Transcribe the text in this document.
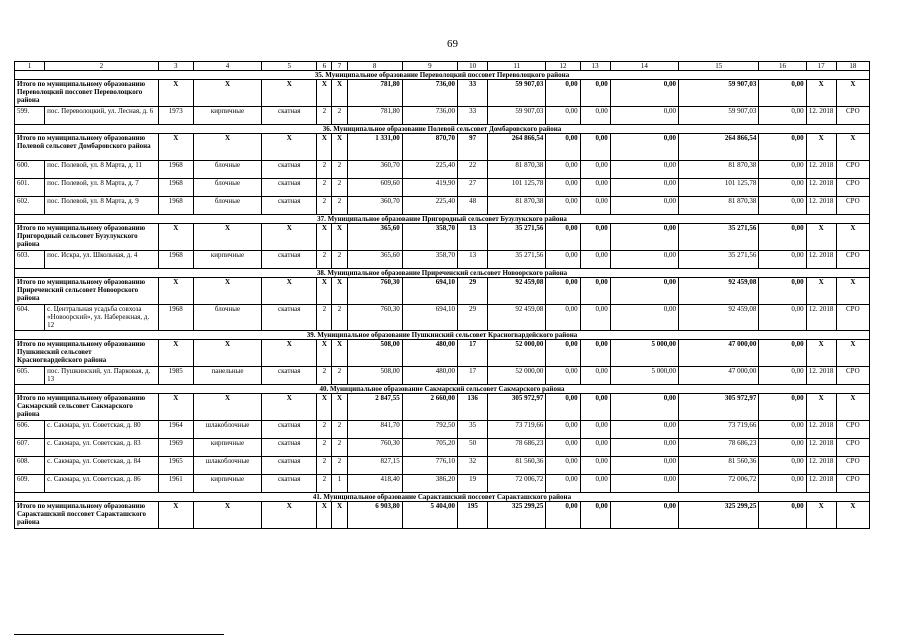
69
1	2	3	4	5	6	7	8	9	10	11	12	13	14	15	16	17	18
35. Муниципальное образование Переволоцкий поссовет Переволоцкого района																	
Итого по муниципальному образованию Переволоцкий поссовет Переволоцкого района		X	X	X	X	X	781,80	736,00	33	59 907,03	0,00	0,00	0,00	59 907,03	0,00	X	X
599.	пос. Переволоцкий, ул. Лесная, д. 6	1973	кирпичные	скатная	2	2	781,80	736,00	33	59 907,03	0,00	0,00	0,00	59 907,03	0,00	12. 2018	СРО
36. Муниципальное образование Полевой сельсовет Домбаровского района																	
Итого по муниципальному образованию Полевой сельсовет Домбаровского района		X	X	X	X	X	1 331,00	870,70	97	264 866,54	0,00	0,00	0,00	264 866,54	0,00	X	X
600.	пос. Полевой, ул. 8 Марта, д. 11	1968	блочные	скатная	2	2	360,70	225,40	22	81 870,38	0,00	0,00	0,00	81 870,38	0,00	12. 2018	СРО
601.	пос. Полевой, ул. 8 Марта, д. 7	1968	блочные	скатная	2	2	609,60	419,90	27	101 125,78	0,00	0,00	0,00	101 125,78	0,00	12. 2018	СРО
602.	пос. Полевой, ул. 8 Марта, д. 9	1968	блочные	скатная	2	2	360,70	225,40	48	81 870,38	0,00	0,00	0,00	81 870,38	0,00	12. 2018	СРО
37. Муниципальное образование Пригородный сельсовет Бузулукского района																	
Итого по муниципальному образованию Пригородный сельсовет Бузулукского района		X	X	X	X	X	365,60	358,70	13	35 271,56	0,00	0,00	0,00	35 271,56	0,00	X	X
603.	пос. Искра, ул. Школьная, д. 4	1968	кирпичные	скатная	2	2	365,60	358,70	13	35 271,56	0,00	0,00	0,00	35 271,56	0,00	12. 2018	СРО
38. Муниципальное образование Приреченский сельсовет Новоорского района																	
Итого по муниципальному образованию Приреченский сельсовет Новоорского района		X	X	X	X	X	760,30	694,10	29	92 459,08	0,00	0,00	0,00	92 459,08	0,00	X	X
604.	с. Центральная усадьба совхоза «Новоорский», ул. Набережная, д. 12	1968	блочные	скатная	2	2	760,30	694,10	29	92 459,08	0,00	0,00	0,00	92 459,08	0,00	12. 2018	СРО
39. Муниципальное образование Пушкинский сельсовет Красногвардейского района																	
Итого по муниципальному образованию Пушкинский сельсовет Красногвардейского района		X	X	X	X	X	508,00	480,00	17	52 000,00	0,00	0,00	5 000,00	47 000,00	0,00	X	X
605.	пос. Пушкинский, ул. Парковая, д. 13	1985	панельные	скатная	2	2	508,00	480,00	17	52 000,00	0,00	0,00	5 000,00	47 000,00	0,00	12. 2018	СРО
40. Муниципальное образование Сакмарский сельсовет Сакмарского района																	
Итого по муниципальному образованию Сакмарский сельсовет Сакмарского района		X	X	X	X	X	2 847,55	2 660,00	136	305 972,97	0,00	0,00	0,00	305 972,97	0,00	X	X
606.	с. Сакмара, ул. Советская, д. 80	1964	шлакоблочные	скатная	2	2	841,70	792,50	35	73 719,66	0,00	0,00	0,00	73 719,66	0,00	12. 2018	СРО
607.	с. Сакмара, ул. Советская, д. 83	1969	кирпичные	скатная	2	2	760,30	705,20	50	78 686,23	0,00	0,00	0,00	78 686,23	0,00	12. 2018	СРО
608.	с. Сакмара, ул. Советская, д. 84	1965	шлакоблочные	скатная	2	2	827,15	776,10	32	81 560,36	0,00	0,00	0,00	81 560,36	0,00	12. 2018	СРО
609.	с. Сакмара, ул. Советская, д. 86	1961	кирпичные	скатная	2	1	418,40	386,20	19	72 006,72	0,00	0,00	0,00	72 006,72	0,00	12. 2018	СРО
41. Муниципальное образование Саракташский поссовет Саракташского района																	
Итого по муниципальному образованию Саракташский поссовет Саракташского района		X	X	X	X	X	6 903,80	5 404,00	195	325 299,25	0,00	0,00	0,00	325 299,25	0,00	X	X
